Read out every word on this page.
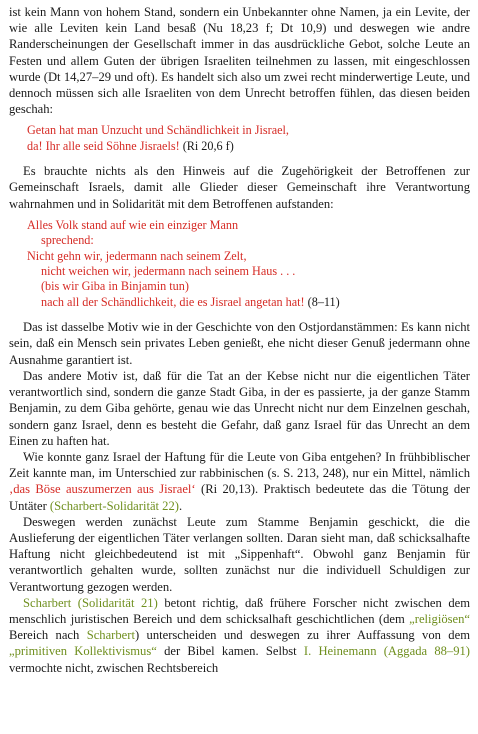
ist kein Mann von hohem Stand, sondern ein Unbekannter ohne Namen, ja ein Levite, der wie alle Leviten kein Land besaß (Nu 18,23 f; Dt 10,9) und deswegen wie andre Randerscheinungen der Gesellschaft immer in das ausdrückliche Gebot, solche Leute an Festen und allem Guten der übrigen Israeliten teilnehmen zu lassen, mit eingeschlossen wurde (Dt 14,27–29 und oft). Es handelt sich also um zwei recht minderwertige Leute, und dennoch müssen sich alle Israeliten von dem Unrecht betroffen fühlen, das diesen beiden geschah:

Getan hat man Unzucht und Schändlichkeit in Jisrael,
da! Ihr alle seid Söhne Jisraels! (Ri 20,6 f)

Es brauchte nichts als den Hinweis auf die Zugehörigkeit der Betroffenen zur Gemeinschaft Israels, damit alle Glieder dieser Gemeinschaft ihre Verantwortung wahrnahmen und in Solidarität mit dem Betroffenen aufstanden:

Alles Volk stand auf wie ein einziger Mann
sprechend:
Nicht gehn wir, jedermann nach seinem Zelt,
nicht weichen wir, jedermann nach seinem Haus . . .
(bis wir Giba in Binjamin tun)
nach all der Schändlichkeit, die es Jisrael angetan hat! (8–11)

Das ist dasselbe Motiv wie in der Geschichte von den Ostjordanstämmen: Es kann nicht sein, daß ein Mensch sein privates Leben genießt, ehe nicht dieser Genuß jedermann ohne Ausnahme garantiert ist.

Das andere Motiv ist, daß für die Tat an der Kebse nicht nur die eigentlichen Täter verantwortlich sind, sondern die ganze Stadt Giba, in der es passierte, ja der ganze Stamm Benjamin, zu dem Giba gehörte, genau wie das Unrecht nicht nur dem Einzelnen geschah, sondern ganz Israel, denn es besteht die Gefahr, daß ganz Israel für das Unrecht an dem Einen zu haften hat.

Wie konnte ganz Israel der Haftung für die Leute von Giba entgehen? In frühbiblischer Zeit kannte man, im Unterschied zur rabbinischen (s. S. 213, 248), nur ein Mittel, nämlich ‚das Böse auszumerzen aus Jisrael‘ (Ri 20,13). Praktisch bedeutete das die Tötung der Untäter (Scharbert-Solidarität 22).

Deswegen werden zunächst Leute zum Stamme Benjamin geschickt, die die Auslieferung der eigentlichen Täter verlangen sollten. Daran sieht man, daß schicksalhafte Haftung nicht gleichbedeutend ist mit „Sippenhaft“. Obwohl ganz Benjamin für verantwortlich gehalten wurde, sollten zunächst nur die individuell Schuldigen zur Verantwortung gezogen werden.

Scharbert (Solidarität 21) betont richtig, daß frühere Forscher nicht zwischen dem menschlich juristischen Bereich und dem schicksalhaft geschichtlichen (dem „religiösen“ Bereich nach Scharbert) unterscheiden und deswegen zu ihrer Auffassung von dem „primitiven Kollektivismus“ der Bibel kamen. Selbst I. Heinemann (Aggada 88–91) vermochte nicht, zwischen Rechtsbereich
